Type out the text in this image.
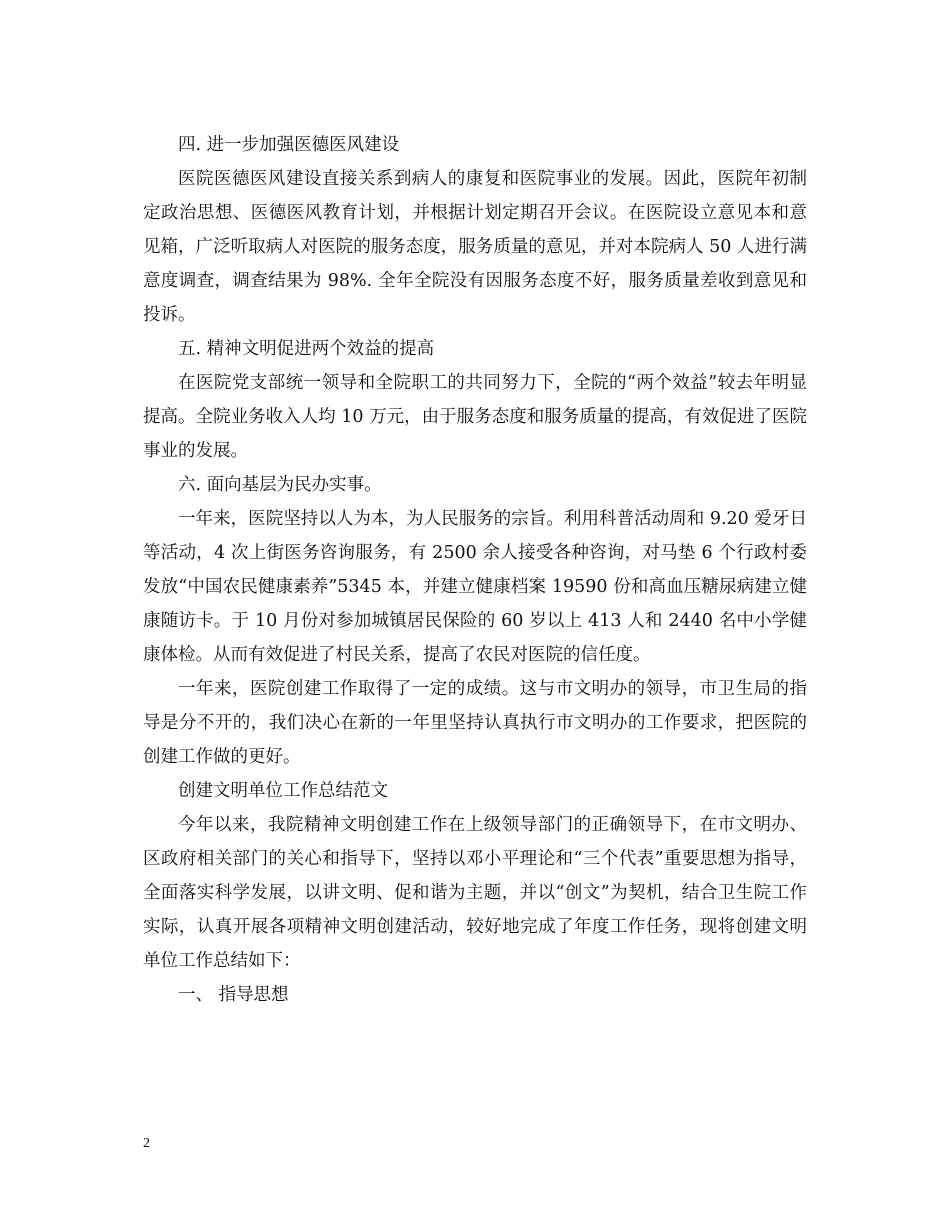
四. 进一步加强医德医风建设

医院医德医风建设直接关系到病人的康复和医院事业的发展。因此，医院年初制定政治思想、医德医风教育计划，并根据计划定期召开会议。在医院设立意见本和意见箱，广泛听取病人对医院的服务态度，服务质量的意见，并对本院病人 50 人进行满意度调查，调查结果为 98%. 全年全院没有因服务态度不好，服务质量差收到意见和投诉。

五. 精神文明促进两个效益的提高

在医院党支部统一领导和全院职工的共同努力下，全院的“两个效益”较去年明显提高。全院业务收入人均 10 万元，由于服务态度和服务质量的提高，有效促进了医院事业的发展。

六. 面向基层为民办实事。

一年来，医院坚持以人为本，为人民服务的宗旨。利用科普活动周和 9.20 爱牙日等活动，4 次上街医务咨询服务，有 2500 余人接受各种咨询，对马垫 6 个行政村委发放“中国农民健康素养”5345 本，并建立健康档案 19590 份和高血压糖尿病建立健康随访卡。于 10 月份对参加城镇居民保险的 60 岁以上 413 人和 2440 名中小学健康体检。从而有效促进了村民关系，提高了农民对医院的信任度。

一年来，医院创建工作取得了一定的成绩。这与市文明办的领导，市卫生局的指导是分不开的，我们决心在新的一年里坚持认真执行市文明办的工作要求，把医院的创建工作做的更好。

创建文明单位工作总结范文

今年以来，我院精神文明创建工作在上级领导部门的正确领导下，在市文明办、区政府相关部门的关心和指导下，坚持以邓小平理论和“三个代表”重要思想为指导，全面落实科学发展，以讲文明、促和谐为主题，并以“创文”为契机，结合卫生院工作实际，认真开展各项精神文明创建活动，较好地完成了年度工作任务，现将创建文明单位工作总结如下：

一、 指导思想

2
